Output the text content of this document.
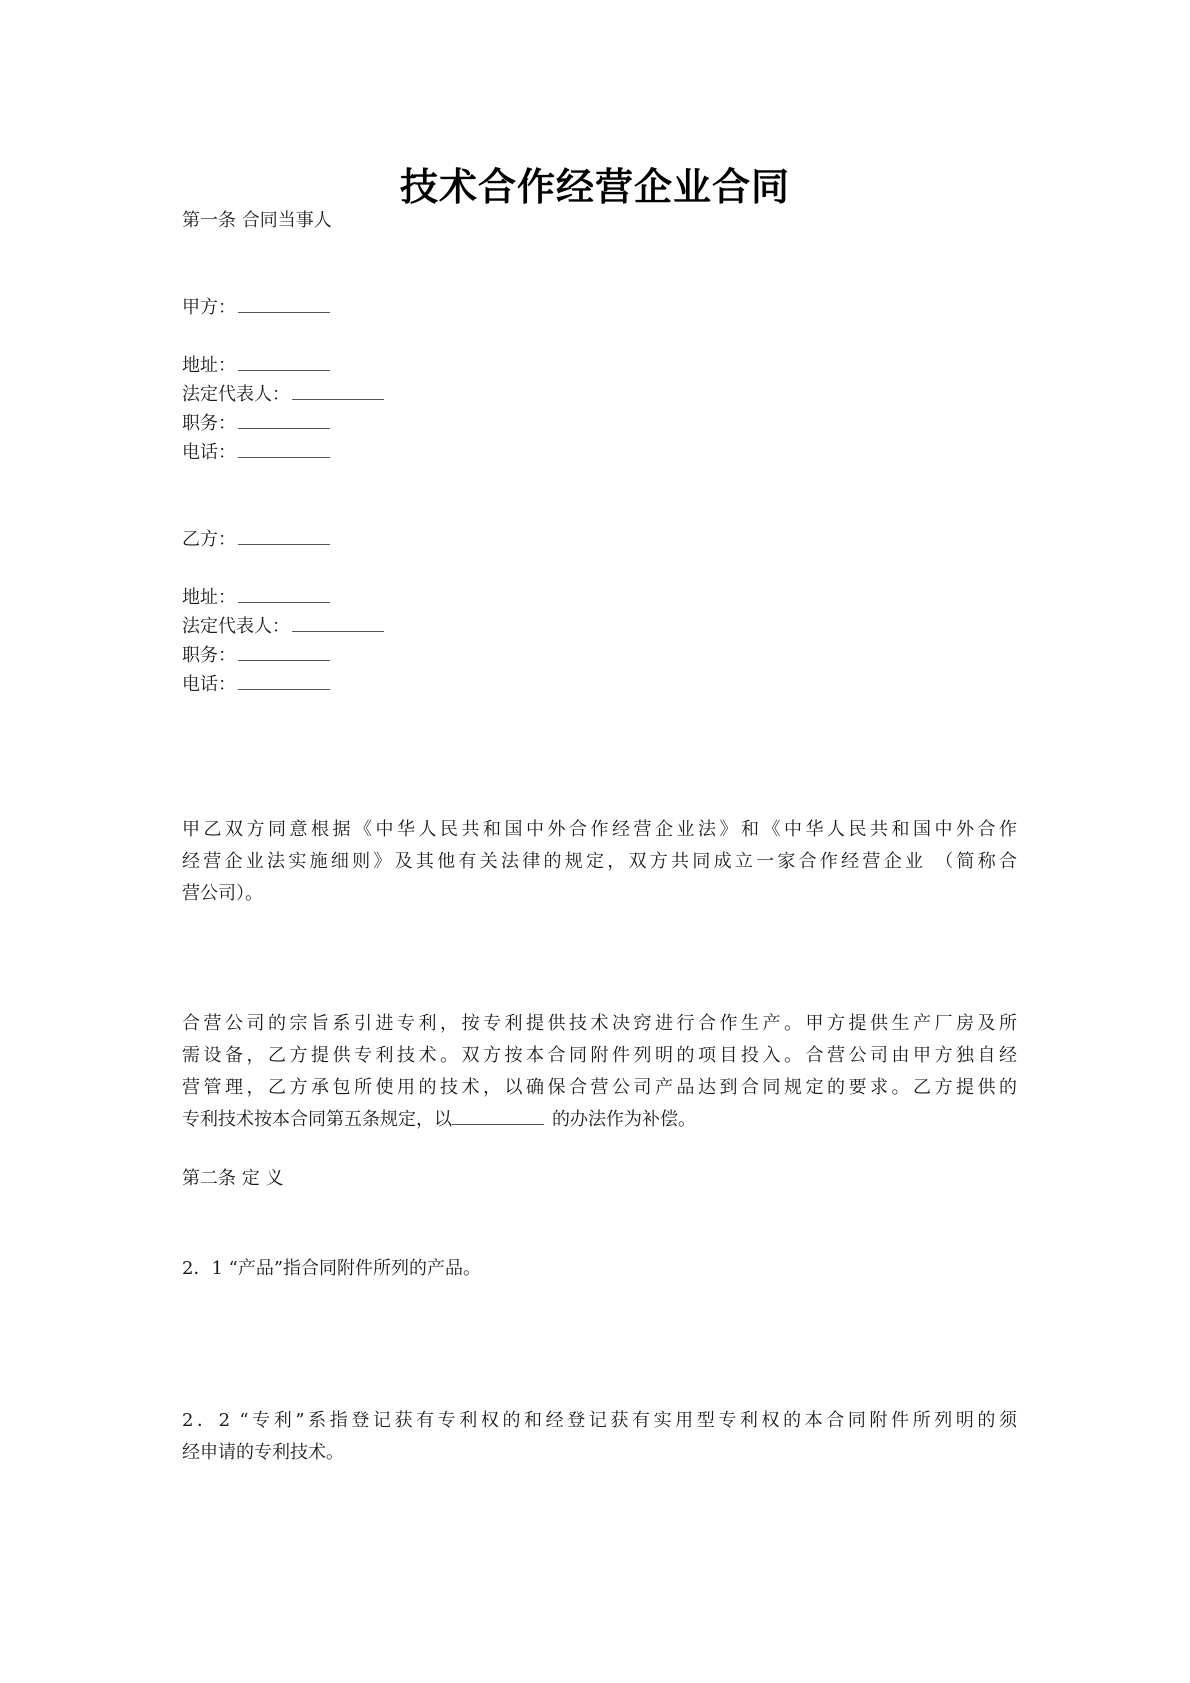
技术合作经营企业合同
第一条 合同当事人
甲方：
地址：
法定代表人：
职务：
电话：
乙方：
地址：
法定代表人：
职务：
电话：
甲乙双方同意根据《中华人民共和国中外合作经营企业法》和《中华人民共和国中外合作
经营企业法实施细则》及其他有关法律的规定，双方共同成立一家合作经营企业 （简称合
营公司）。
合营公司的宗旨系引进专利，按专利提供技术决窍进行合作生产。甲方提供生产厂房及所
需设备，乙方提供专利技术。双方按本合同附件列明的项目投入。合营公司由甲方独自经
营管理，乙方承包所使用的技术，以确保合营公司产品达到合同规定的要求。乙方提供的
专利技术按本合同第五条规定，以	的办法作为补偿。
第二条 定 义
2．1 “产品”指合同附件所列的产品。
2．2 “专利”系指登记获有专利权的和经登记获有实用型专利权的本合同附件所列明的须
经申请的专利技术。
